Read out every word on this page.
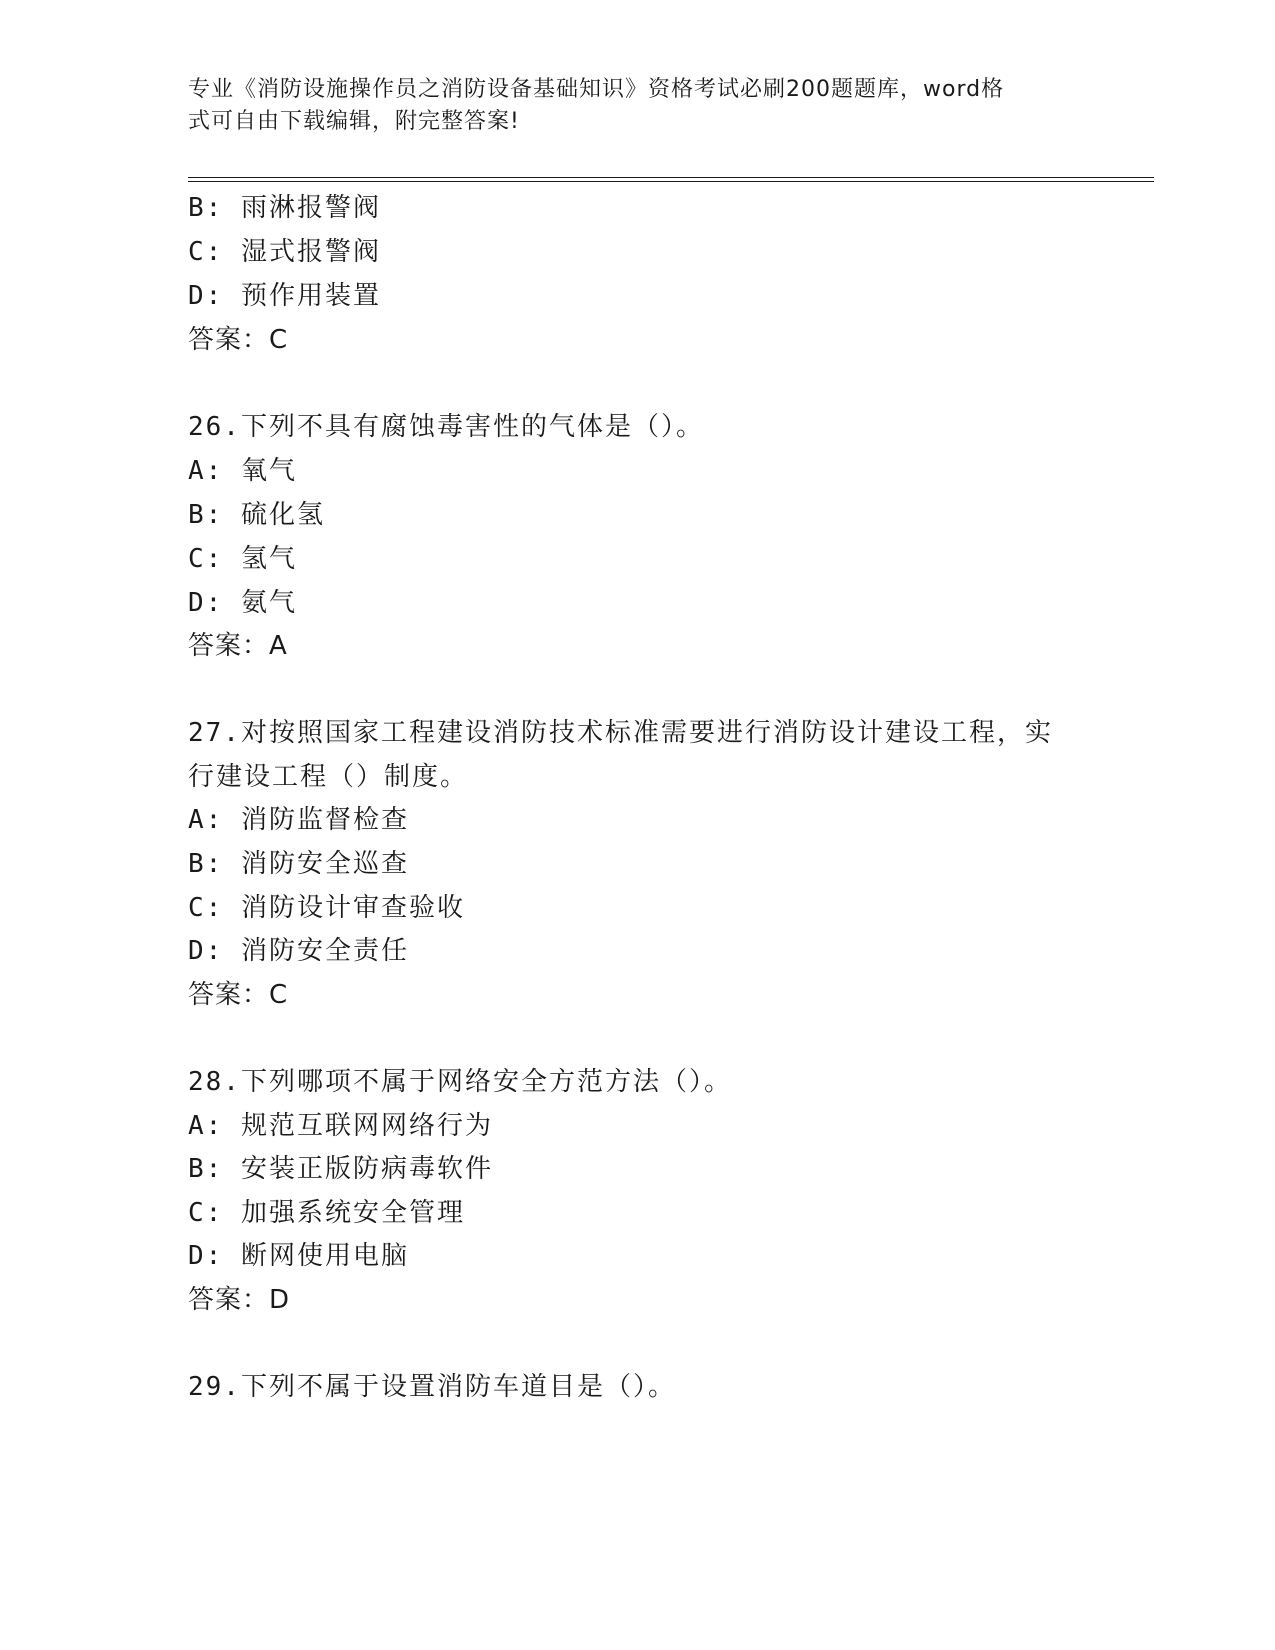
专业《消防设施操作员之消防设备基础知识》资格考试必刷200题题库，word格
式可自由下载编辑，附完整答案!
B: 雨淋报警阀
C: 湿式报警阀
D: 预作用装置
答案：C
26.下列不具有腐蚀毒害性的气体是（）。
A: 氧气
B: 硫化氢
C: 氢气
D: 氨气
答案：A
27.对按照国家工程建设消防技术标准需要进行消防设计建设工程，实
行建设工程（）制度。
A: 消防监督检查
B: 消防安全巡查
C: 消防设计审查验收
D: 消防安全责任
答案：C
28.下列哪项不属于网络安全方范方法（）。
A: 规范互联网网络行为
B: 安装正版防病毒软件
C: 加强系统安全管理
D: 断网使用电脑
答案：D
29.下列不属于设置消防车道目是（）。
